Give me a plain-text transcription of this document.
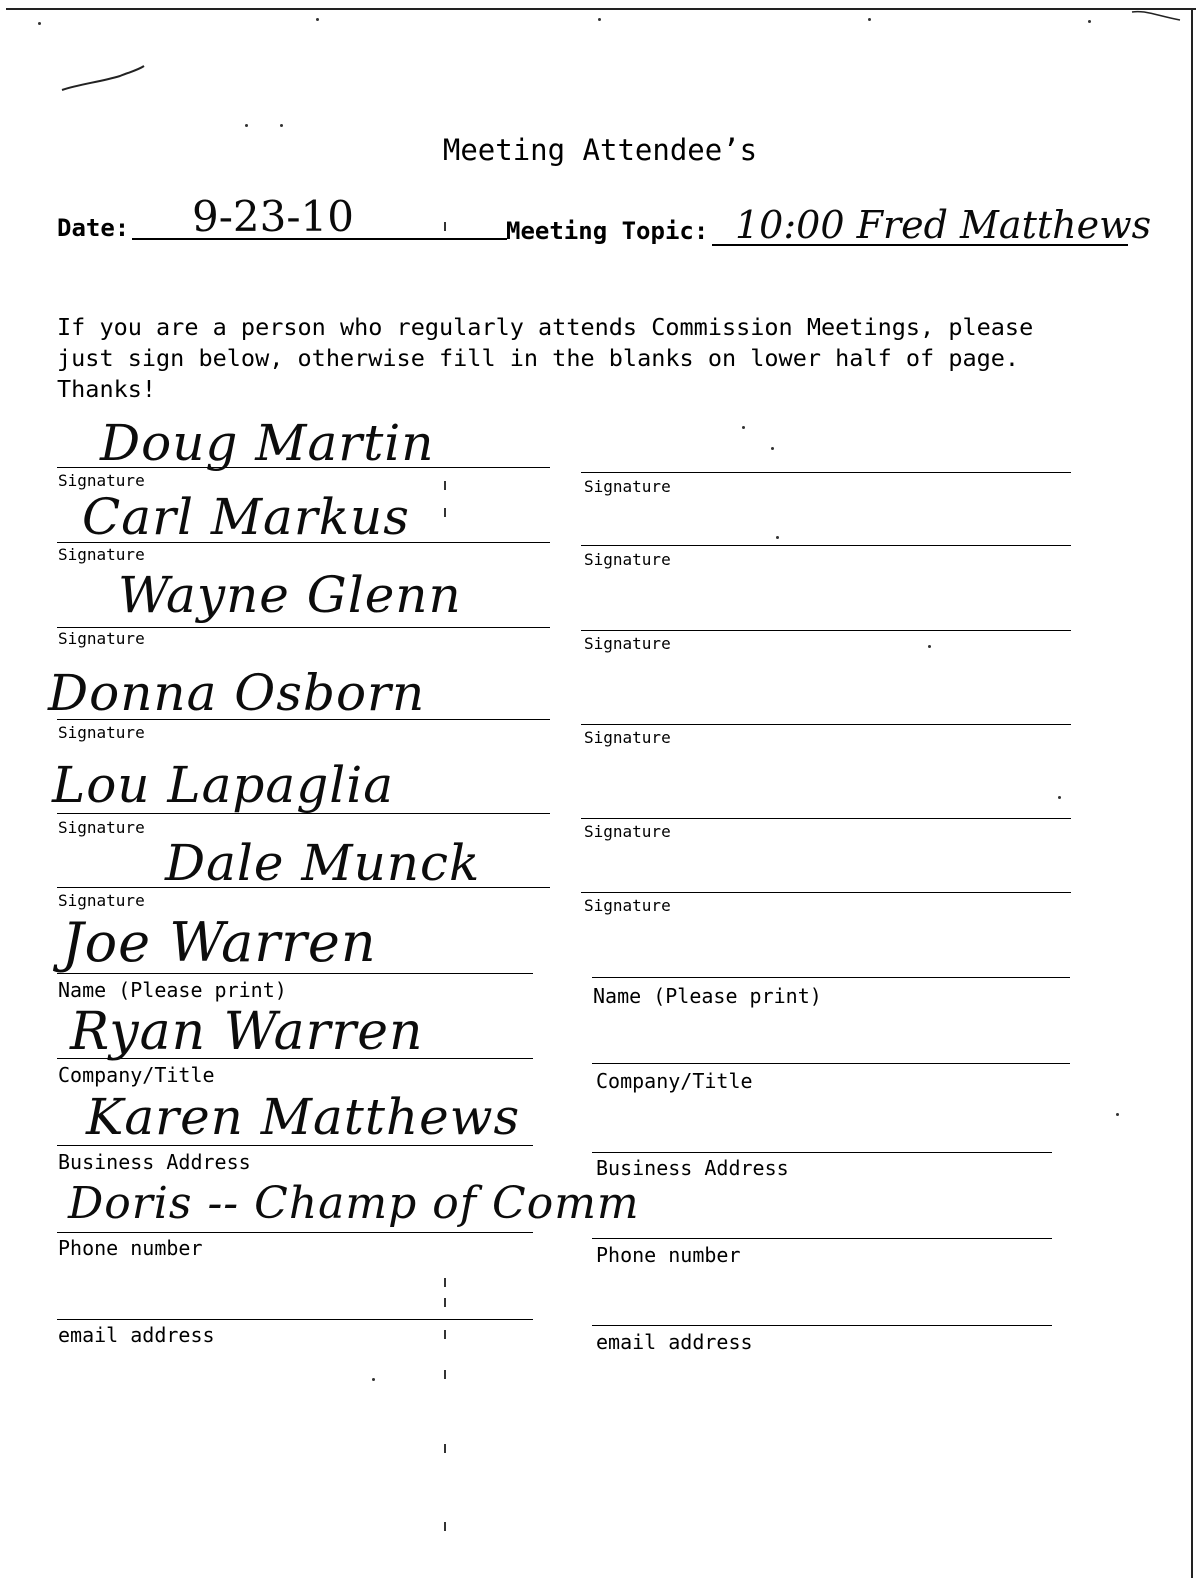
Meeting Attendee’s
Date: 9-23-10	Meeting Topic: 10:00 Fred Matthews
If you are a person who regularly attends Commission Meetings, please
just sign below, otherwise fill in the blanks on lower half of page.
Thanks!
Signature
Doug Martin
Signature
Carl Markus
Signature
Wayne Glenn
Signature
Donna Osborn
Signature
Lou Lapaglia
Signature
Dale Munck
Signature
Signature
Signature
Signature
Signature
Signature
Name (Please print)
Joe Warren
Company/Title
Ryan Warren
Business Address
Karen Matthews
Phone number
Doris -- Champ of Comm
email address
Name (Please print)
Company/Title
Business Address
Phone number
email address
